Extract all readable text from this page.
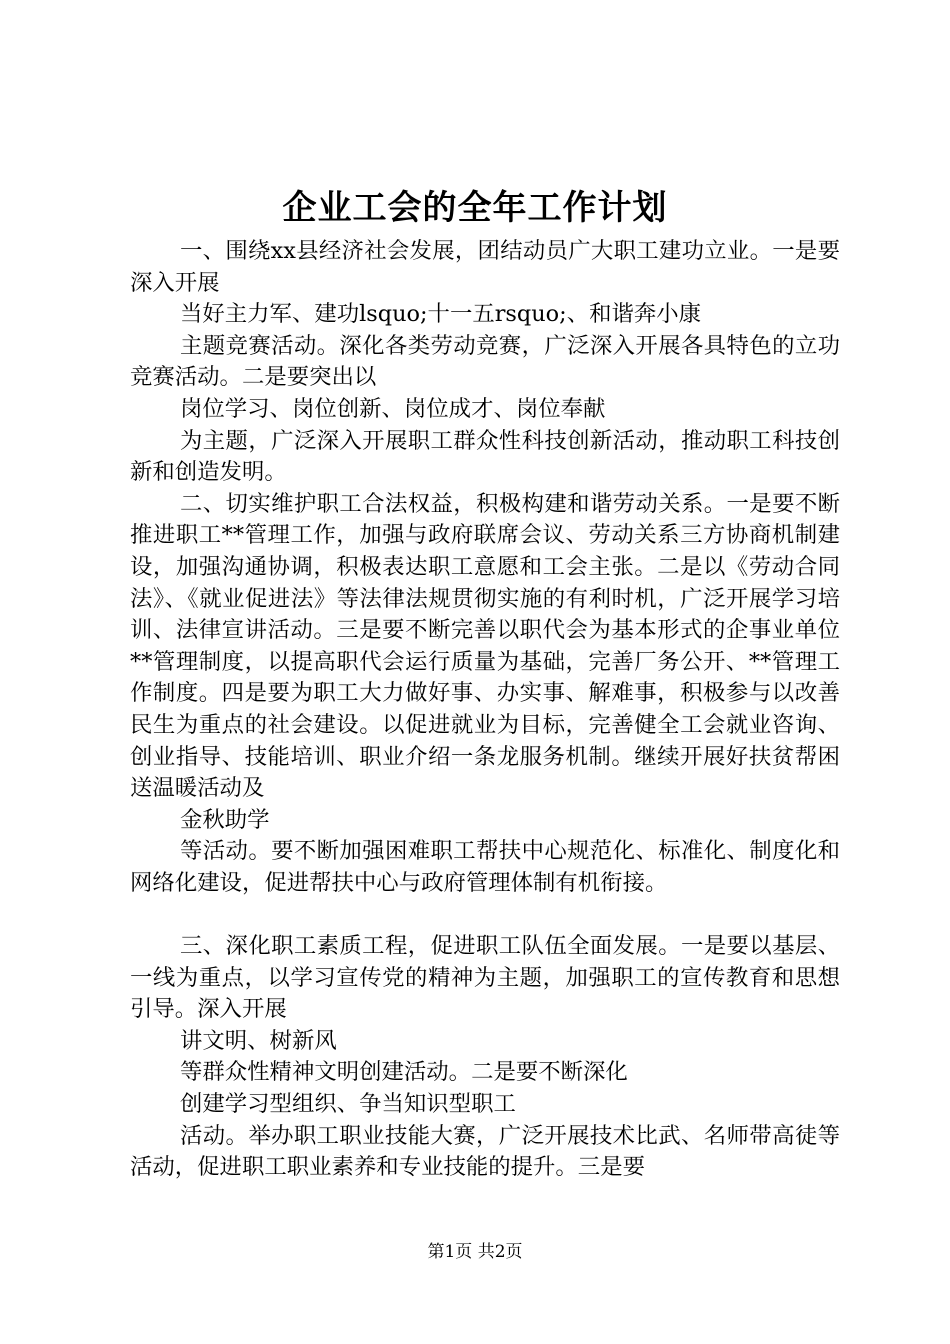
企业工会的全年工作计划

一、围绕xx县经济社会发展，团结动员广大职工建功立业。一是要深入开展

当好主力军、建功lsquo;十一五rsquo;、和谐奔小康

主题竞赛活动。深化各类劳动竞赛，广泛深入开展各具特色的立功竞赛活动。二是要突出以

岗位学习、岗位创新、岗位成才、岗位奉献

为主题，广泛深入开展职工群众性科技创新活动，推动职工科技创新和创造发明。

二、切实维护职工合法权益，积极构建和谐劳动关系。一是要不断推进职工**管理工作，加强与政府联席会议、劳动关系三方协商机制建设，加强沟通协调，积极表达职工意愿和工会主张。二是以《劳动合同法》、《就业促进法》等法律法规贯彻实施的有利时机，广泛开展学习培训、法律宣讲活动。三是要不断完善以职代会为基本形式的企事业单位**管理制度，以提高职代会运行质量为基础，完善厂务公开、**管理工作制度。四是要为职工大力做好事、办实事、解难事，积极参与以改善民生为重点的社会建设。以促进就业为目标，完善健全工会就业咨询、创业指导、技能培训、职业介绍一条龙服务机制。继续开展好扶贫帮困送温暖活动及

金秋助学

等活动。要不断加强困难职工帮扶中心规范化、标准化、制度化和网络化建设，促进帮扶中心与政府管理体制有机衔接。

三、深化职工素质工程，促进职工队伍全面发展。一是要以基层、一线为重点，以学习宣传党的精神为主题，加强职工的宣传教育和思想引导。深入开展

讲文明、树新风

等群众性精神文明创建活动。二是要不断深化

创建学习型组织、争当知识型职工

活动。举办职工职业技能大赛，广泛开展技术比武、名师带高徒等活动，促进职工职业素养和专业技能的提升。三是要

第1页 共2页
